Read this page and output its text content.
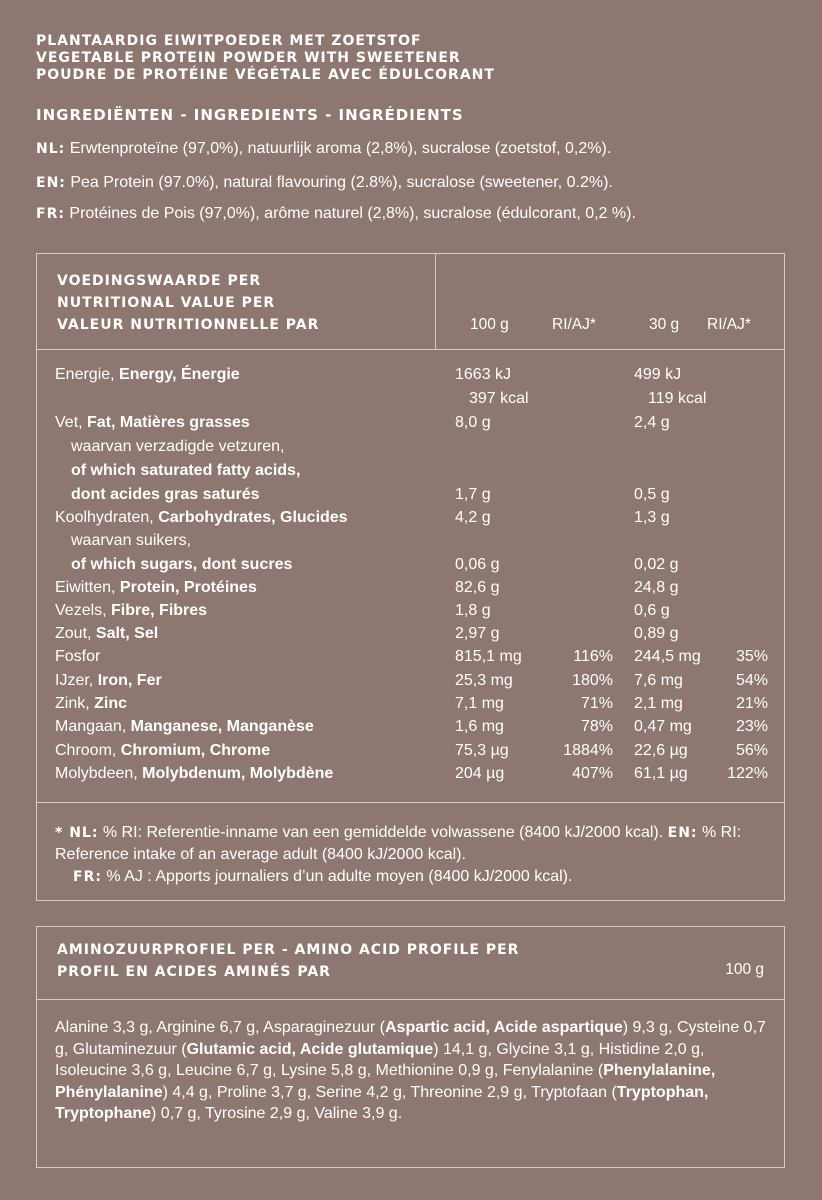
PLANTAARDIG EIWITPOEDER MET ZOETSTOF
VEGETABLE PROTEIN POWDER WITH SWEETENER
POUDRE DE PROTÉINE VÉGÉTALE AVEC ÉDULCORANT
INGREDIËNTEN - INGREDIENTS - INGRÉDIENTS
NL: Erwtenproteïne (97,0%), natuurlijk aroma (2,8%), sucralose (zoetstof, 0,2%).
EN: Pea Protein (97.0%), natural flavouring (2.8%), sucralose (sweetener, 0.2%).
FR: Protéines de Pois (97,0%), arôme naturel (2,8%), sucralose (édulcorant, 0,2 %).
VOEDINGSWAARDE PER
NUTRITIONAL VALUE PER
VALEUR NUTRITIONNELLE PAR	100 g	RI/AJ*	30 g RI/AJ*
Energie, Energy, Énergie	1663 kJ	499 kJ
397 kcal	119 kcal
Vet, Fat, Matières grasses	8,0 g	2,4 g
waarvan verzadigde vetzuren,
of which saturated fatty acids,
dont acides gras saturés	1,7 g	0,5 g
Koolhydraten, Carbohydrates, Glucides	4,2 g	1,3 g
waarvan suikers,
of which sugars, dont sucres	0,06 g	0,02 g
Eiwitten, Protein, Protéines	82,6 g	24,8 g
Vezels, Fibre, Fibres	1,8 g	0,6 g
Zout, Salt, Sel	2,97 g	0,89 g
Fosfor	815,1 mg	116% 244,5 mg 35%
IJzer, Iron, Fer	25,3 mg	180% 7,6 mg	54%
Zink, Zinc	7,1 mg	71% 2,1 mg	21%
Mangaan, Manganese, Manganèse	1,6 mg	78% 0,47 mg	23%
Chroom, Chromium, Chrome	75,3 µg	1884% 22,6 µg	56%
Molybdeen, Molybdenum, Molybdène	204 µg	407% 61,1 µg 122%
* NL: % RI: Referentie-inname van een gemiddelde volwassene (8400 kJ/2000 kcal). EN: % RI: Reference intake of an average adult (8400 kJ/2000 kcal).
FR: % AJ : Apports journaliers d’un adulte moyen (8400 kJ/2000 kcal).
AMINOZUURPROFIEL PER - AMINO ACID PROFILE PER
PROFIL EN ACIDES AMINÉS PAR	100 g
Alanine 3,3 g, Arginine 6,7 g, Asparaginezuur (Aspartic acid, Acide aspartique) 9,3 g, Cysteine 0,7 g, Glutaminezuur (Glutamic acid, Acide glutamique) 14,1 g, Glycine 3,1 g, Histidine 2,0 g, Isoleucine 3,6 g, Leucine 6,7 g, Lysine 5,8 g, Methionine 0,9 g, Fenylalanine (Phenylalanine, Phénylalanine) 4,4 g, Proline 3,7 g, Serine 4,2 g, Threonine 2,9 g, Tryptofaan (Tryptophan, Tryptophane) 0,7 g, Tyrosine 2,9 g, Valine 3,9 g.
